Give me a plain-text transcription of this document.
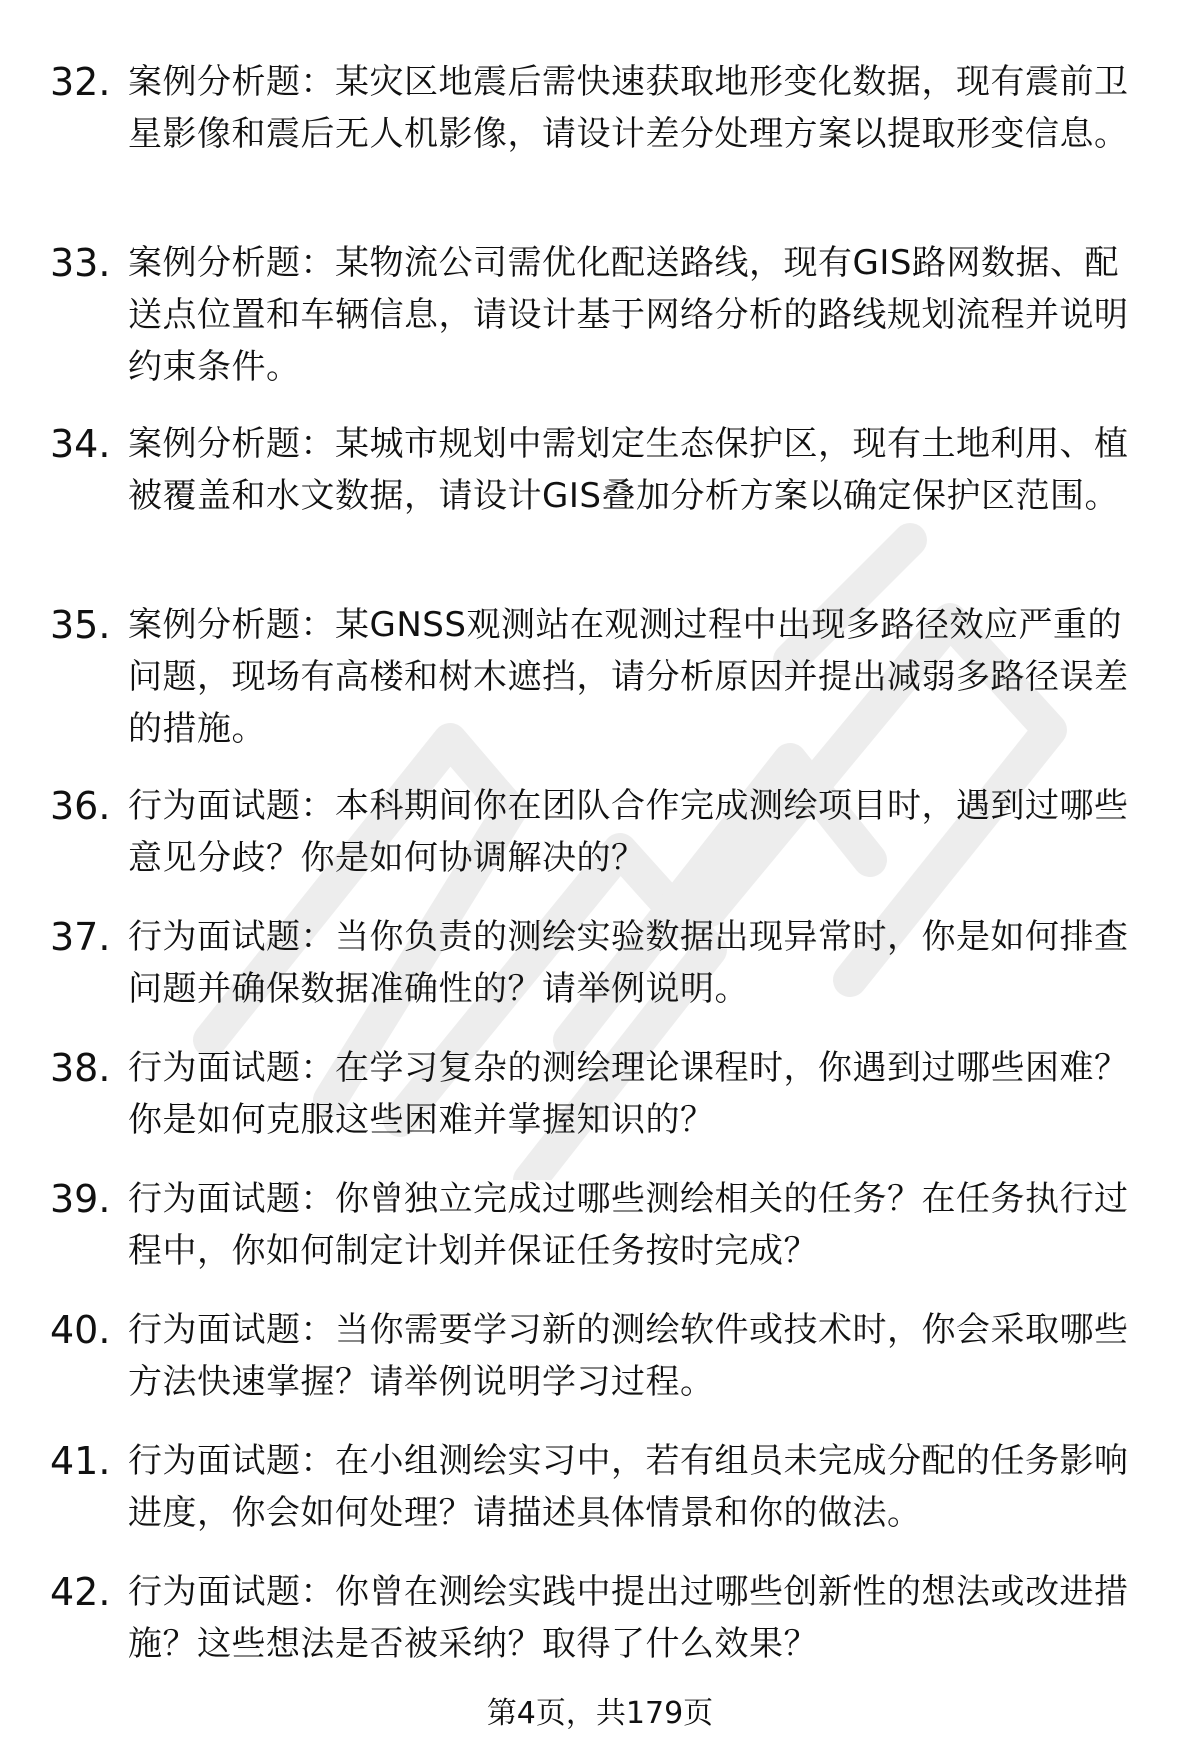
32. 案例分析题：某灾区地震后需快速获取地形变化数据，现有震前卫星影像和震后无人机影像，请设计差分处理方案以提取形变信息。
33. 案例分析题：某物流公司需优化配送路线，现有GIS路网数据、配送点位置和车辆信息，请设计基于网络分析的路线规划流程并说明约束条件。
34. 案例分析题：某城市规划中需划定生态保护区，现有土地利用、植被覆盖和水文数据，请设计GIS叠加分析方案以确定保护区范围。
35. 案例分析题：某GNSS观测站在观测过程中出现多路径效应严重的问题，现场有高楼和树木遮挡，请分析原因并提出减弱多路径误差的措施。
36. 行为面试题：本科期间你在团队合作完成测绘项目时，遇到过哪些意见分歧？你是如何协调解决的？
37. 行为面试题：当你负责的测绘实验数据出现异常时，你是如何排查问题并确保数据准确性的？请举例说明。
38. 行为面试题：在学习复杂的测绘理论课程时，你遇到过哪些困难？你是如何克服这些困难并掌握知识的？
39. 行为面试题：你曾独立完成过哪些测绘相关的任务？在任务执行过程中，你如何制定计划并保证任务按时完成？
40. 行为面试题：当你需要学习新的测绘软件或技术时，你会采取哪些方法快速掌握？请举例说明学习过程。
41. 行为面试题：在小组测绘实习中，若有组员未完成分配的任务影响进度，你会如何处理？请描述具体情景和你的做法。
42. 行为面试题：你曾在测绘实践中提出过哪些创新性的想法或改进措施？这些想法是否被采纳？取得了什么效果？
第4页，共179页
